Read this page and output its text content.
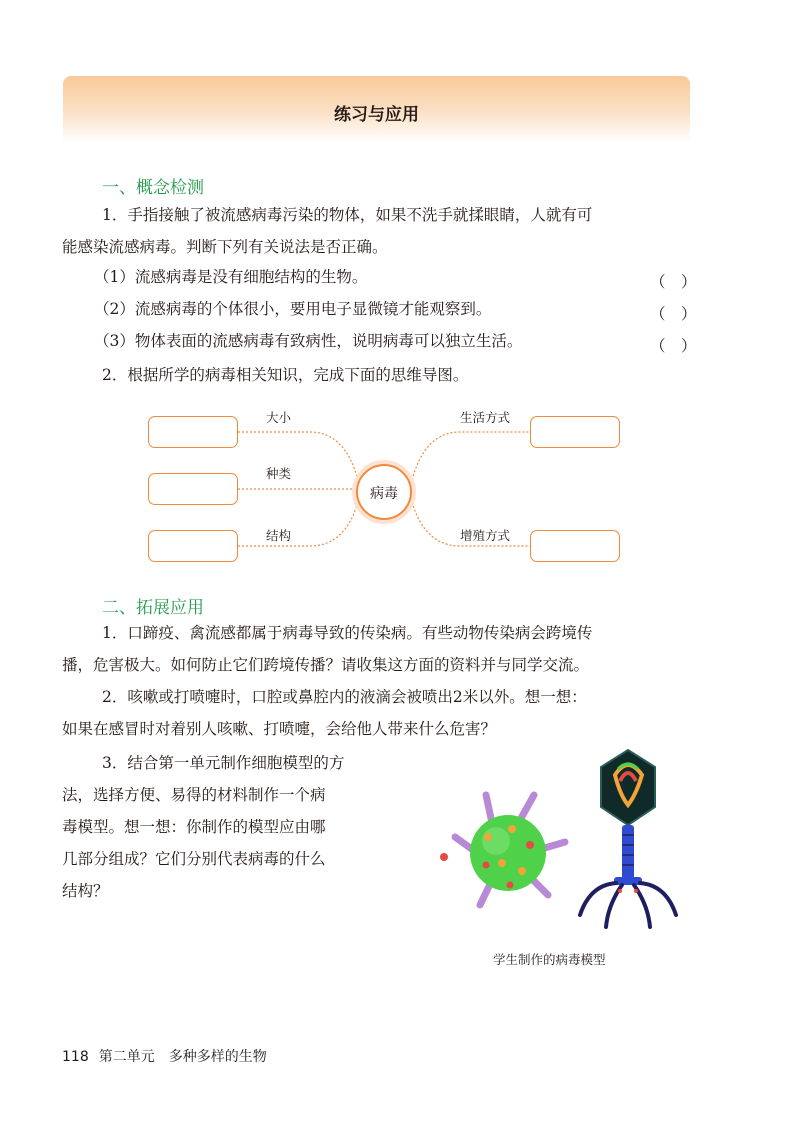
练习与应用
一、概念检测
1．手指接触了被流感病毒污染的物体，如果不洗手就揉眼睛，人就有可
能感染流感病毒。判断下列有关说法是否正确。
（1）流感病毒是没有细胞结构的生物。	（　）
（2）流感病毒的个体很小，要用电子显微镜才能观察到。	（　）
（3）物体表面的流感病毒有致病性，说明病毒可以独立生活。	（　）
2．根据所学的病毒相关知识，完成下面的思维导图。
大小
种类
结构
生活方式
增殖方式
病毒
二、拓展应用
1．口蹄疫、禽流感都属于病毒导致的传染病。有些动物传染病会跨境传
播，危害极大。如何防止它们跨境传播？请收集这方面的资料并与同学交流。
2．咳嗽或打喷嚏时，口腔或鼻腔内的液滴会被喷出2米以外。想一想：
如果在感冒时对着别人咳嗽、打喷嚏，会给他人带来什么危害？
3．结合第一单元制作细胞模型的方
法，选择方便、易得的材料制作一个病
毒模型。想一想：你制作的模型应由哪
几部分组成？它们分别代表病毒的什么
结构？
学生制作的病毒模型
118 第二单元　多种多样的生物
